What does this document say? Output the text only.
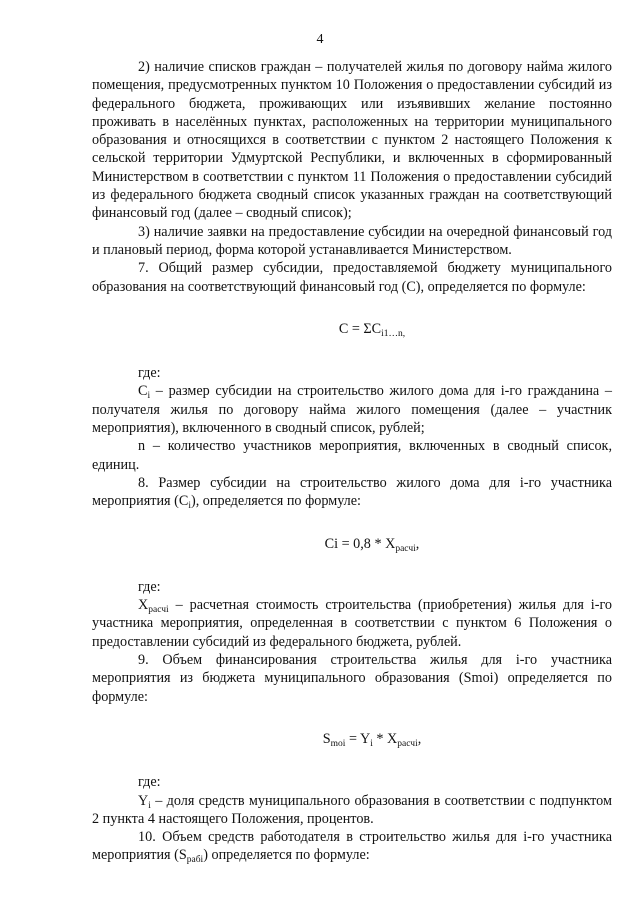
4

2) наличие списков граждан – получателей жилья по договору найма жилого помещения, предусмотренных пунктом 10 Положения о предоставлении субсидий из федерального бюджета, проживающих или изъявивших желание постоянно проживать в населённых пунктах, расположенных на территории муниципального образования и относящихся в соответствии с пунктом 2 настоящего Положения к сельской территории Удмуртской Республики, и включенных в сформированный Министерством в соответствии с пунктом 11 Положения о предоставлении субсидий из федерального бюджета сводный список указанных граждан на соответствующий финансовый год (далее – сводный список);

3) наличие заявки на предоставление субсидии на очередной финансовый год и плановый период, форма которой устанавливается Министерством.

7. Общий размер субсидии, предоставляемой бюджету муниципального образования на соответствующий финансовый год (C), определяется по формуле:

$C = \Sigma C_{i1\dots n,}$

где:

$C_i$ – размер субсидии на строительство жилого дома для i-го гражданина – получателя жилья по договору найма жилого помещения (далее – участник мероприятия), включенного в сводный список, рублей;

n – количество участников мероприятия, включенных в сводный список, единиц.

8. Размер субсидии на строительство жилого дома для i-го участника мероприятия $(C_i)$, определяется по формуле:

$Ci = 0,8 * X_{расчi}$,

где:

$X_{расчi}$ – расчетная стоимость строительства (приобретения) жилья для i-го участника мероприятия, определенная в соответствии с пунктом 6 Положения о предоставлении субсидий из федерального бюджета, рублей.

9. Объем финансирования строительства жилья для i-го участника мероприятия из бюджета муниципального образования (Smoi) определяется по формуле:

$S_{moi} = Y_i * X_{расчi}$,

где:

$Y_i$ – доля средств муниципального образования в соответствии с подпунктом 2 пункта 4 настоящего Положения, процентов.

10. Объем средств работодателя в строительство жилья для i-го участника мероприятия $(S_{рабi})$ определяется по формуле:
